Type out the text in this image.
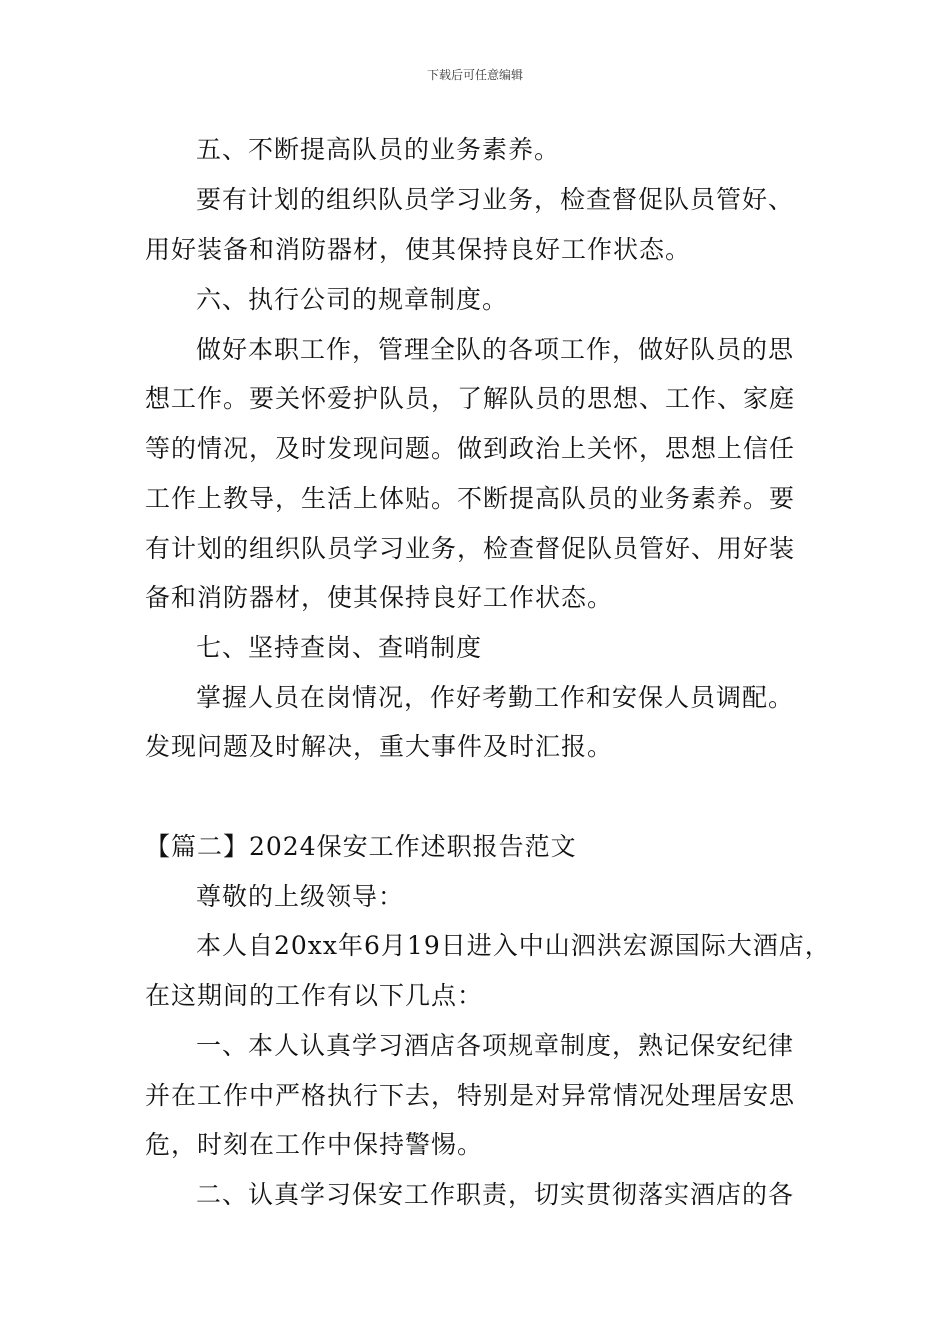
下载后可任意编辑
五、不断提高队员的业务素养。
要有计划的组织队员学习业务，检查督促队员管好、
用好装备和消防器材，使其保持良好工作状态。
六、执行公司的规章制度。
做好本职工作，管理全队的各项工作，做好队员的思
想工作。要关怀爱护队员，了解队员的思想、工作、家庭
等的情况，及时发现问题。做到政治上关怀，思想上信任
工作上教导，生活上体贴。不断提高队员的业务素养。要
有计划的组织队员学习业务，检查督促队员管好、用好装
备和消防器材，使其保持良好工作状态。
七、坚持查岗、查哨制度
掌握人员在岗情况，作好考勤工作和安保人员调配。
发现问题及时解决，重大事件及时汇报。
【篇二】2024保安工作述职报告范文
尊敬的上级领导：
本人自20xx年6月19日进入中山泗洪宏源国际大酒店，
在这期间的工作有以下几点：
一、本人认真学习酒店各项规章制度，熟记保安纪律
并在工作中严格执行下去，特别是对异常情况处理居安思
危，时刻在工作中保持警惕。
二、认真学习保安工作职责，切实贯彻落实酒店的各
